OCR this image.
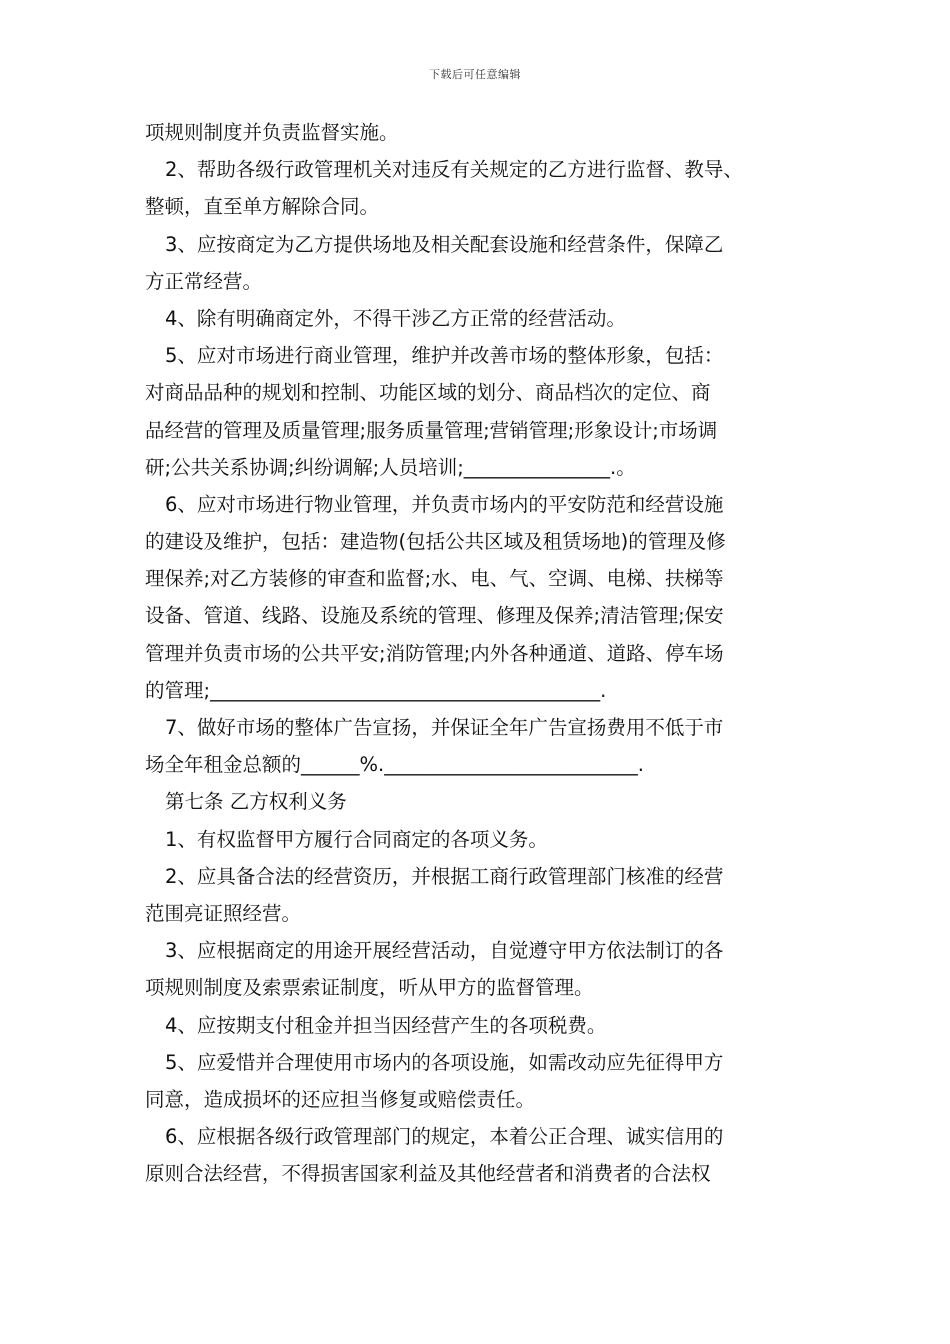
下载后可任意编辑
项规则制度并负责监督实施。
2、帮助各级行政管理机关对违反有关规定的乙方进行监督、教导、
整顿，直至单方解除合同。
3、应按商定为乙方提供场地及相关配套设施和经营条件，保障乙
方正常经营。
4、除有明确商定外，不得干涉乙方正常的经营活动。
5、应对市场进行商业管理，维护并改善市场的整体形象，包括：
对商品品种的规划和控制、功能区域的划分、商品档次的定位、商
品经营的管理及质量管理;服务质量管理;营销管理;形象设计;市场调
研;公共关系协调;纠纷调解;人员培训;_______________.。
6、应对市场进行物业管理，并负责市场内的平安防范和经营设施
的建设及维护，包括：建造物(包括公共区域及租赁场地)的管理及修
理保养;对乙方装修的审查和监督;水、电、气、空调、电梯、扶梯等
设备、管道、线路、设施及系统的管理、修理及保养;清洁管理;保安
管理并负责市场的公共平安;消防管理;内外各种通道、道路、停车场
的管理;________________________________________.
7、做好市场的整体广告宣扬，并保证全年广告宣扬费用不低于市
场全年租金总额的______%.__________________________.
第七条 乙方权利义务
1、有权监督甲方履行合同商定的各项义务。
2、应具备合法的经营资历，并根据工商行政管理部门核准的经营
范围亮证照经营。
3、应根据商定的用途开展经营活动，自觉遵守甲方依法制订的各
项规则制度及索票索证制度，听从甲方的监督管理。
4、应按期支付租金并担当因经营产生的各项税费。
5、应爱惜并合理使用市场内的各项设施，如需改动应先征得甲方
同意，造成损坏的还应担当修复或赔偿责任。
6、应根据各级行政管理部门的规定，本着公正合理、诚实信用的
原则合法经营，不得损害国家利益及其他经营者和消费者的合法权
